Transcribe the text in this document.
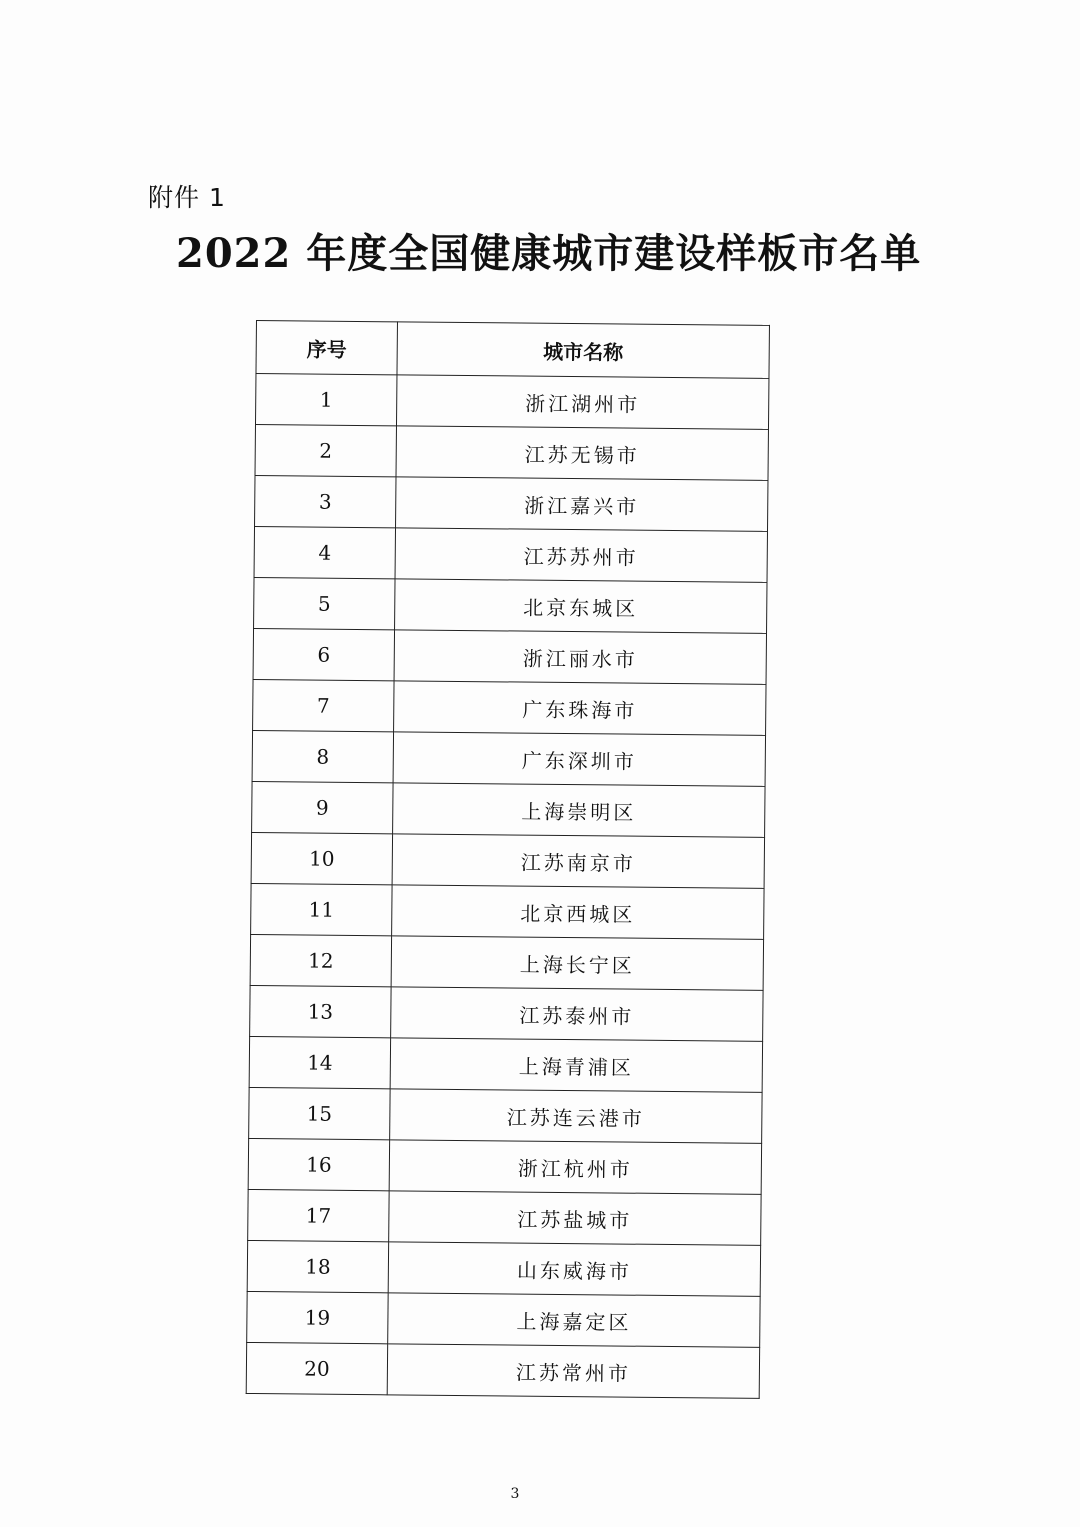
附件 1
2022 年度全国健康城市建设样板市名单
序号	城市名称
1	浙江湖州市
2	江苏无锡市
3	浙江嘉兴市
4	江苏苏州市
5	北京东城区
6	浙江丽水市
7	广东珠海市
8	广东深圳市
9	上海崇明区
10	江苏南京市
11	北京西城区
12	上海长宁区
13	江苏泰州市
14	上海青浦区
15	江苏连云港市
16	浙江杭州市
17	江苏盐城市
18	山东威海市
19	上海嘉定区
20	江苏常州市
3
